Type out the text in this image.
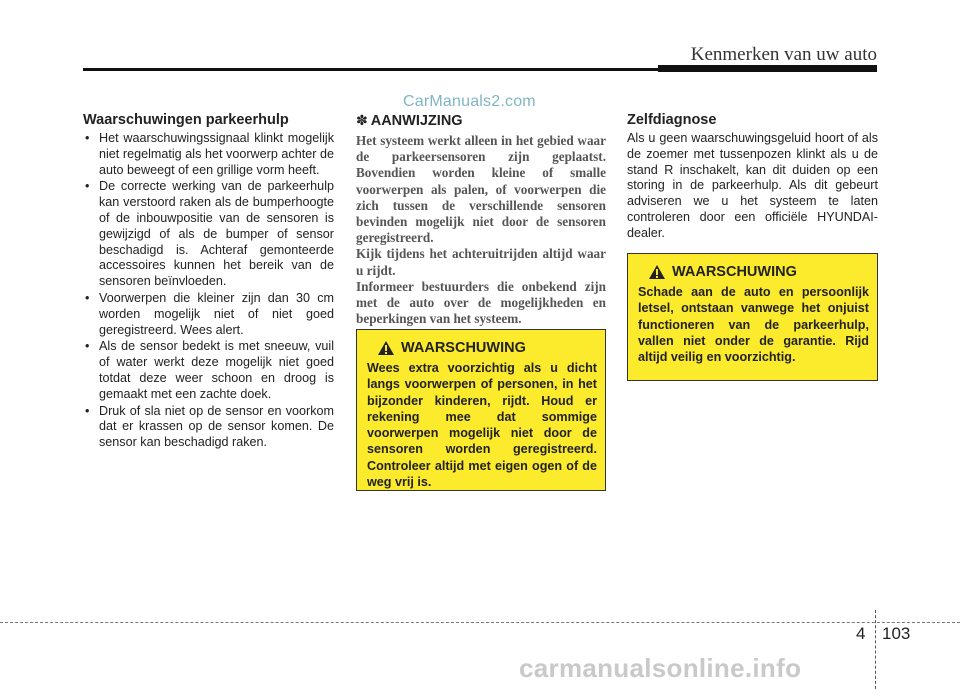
Kenmerken van uw auto
CarManuals2.com
Waarschuwingen parkeerhulp
• Het waarschuwingssignaal klinkt mogelijk niet regelmatig als het voorwerp achter de auto beweegt of een grillige vorm heeft.
• De correcte werking van de parkeerhulp kan verstoord raken als de bumperhoogte of de inbouwpositie van de sensoren is gewijzigd of als de bumper of sensor beschadigd is. Achteraf gemonteerde accessoires kunnen het bereik van de sensoren beïnvloeden.
• Voorwerpen die kleiner zijn dan 30 cm worden mogelijk niet of niet goed geregistreerd. Wees alert.
• Als de sensor bedekt is met sneeuw, vuil of water werkt deze mogelijk niet goed totdat deze weer schoon en droog is gemaakt met een zachte doek.
• Druk of sla niet op de sensor en voorkom dat er krassen op de sensor komen. De sensor kan beschadigd raken.
✽ AANWIJZING

Het systeem werkt alleen in het gebied waar de parkeersensoren zijn geplaatst. Bovendien worden kleine of smalle voorwerpen als palen, of voorwerpen die zich tussen de verschillende sensoren bevinden mogelijk niet door de sensoren geregistreerd.

Kijk tijdens het achteruitrijden altijd waar u rijdt.

Informeer bestuurders die onbekend zijn met de auto over de mogelijkheden en beperkingen van het systeem.

WAARSCHUWING
Wees extra voorzichtig als u dicht langs voorwerpen of personen, in het bijzonder kinderen, rijdt. Houd er rekening mee dat sommige voorwerpen mogelijk niet door de sensoren worden geregistreerd. Controleer altijd met eigen ogen of de weg vrij is.
Zelfdiagnose

Als u geen waarschuwingsgeluid hoort of als de zoemer met tussenpozen klinkt als u de stand R inschakelt, kan dit duiden op een storing in de parkeerhulp. Als dit gebeurt adviseren we u het systeem te laten controleren door een officiële HYUNDAI-dealer.

WAARSCHUWING
Schade aan de auto en persoonlijk letsel, ontstaan vanwege het onjuist functioneren van de parkeerhulp, vallen niet onder de garantie. Rijd altijd veilig en voorzichtig.
4 103
carmanualsonline.info
